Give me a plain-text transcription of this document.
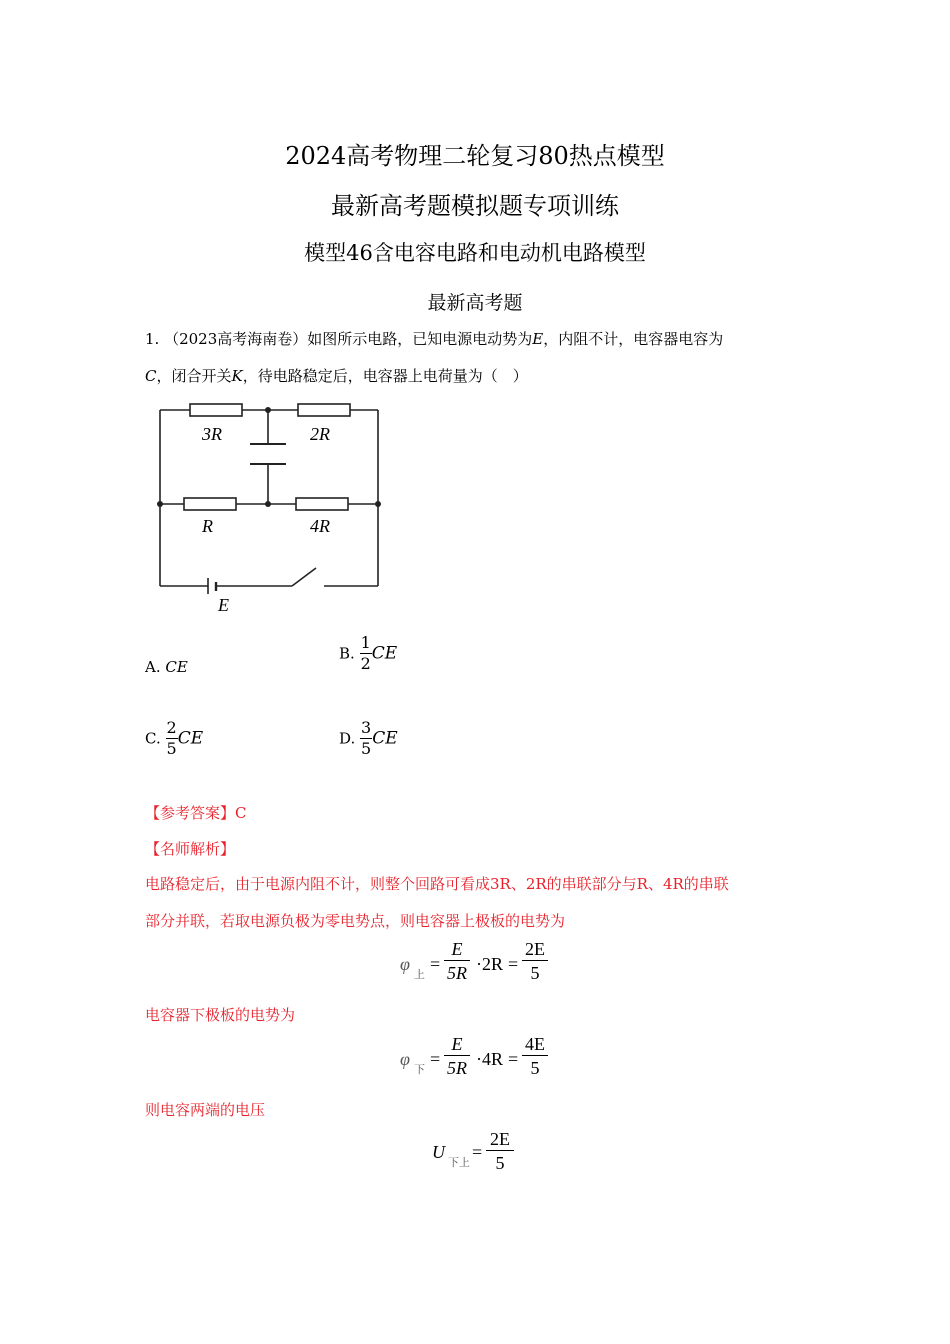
2024高考物理二轮复习80热点模型
最新高考题模拟题专项训练
模型46含电容电路和电动机电路模型
最新高考题
1. （2023高考海南卷）如图所示电路，已知电源电动势为E，内阻不计，电容器电容为
C，闭合开关K，待电路稳定后，电容器上电荷量为（　）
3R	2R
R	4R
E
A. CE
B. $\frac{1}{2}$ CE
C. $\frac{2}{5}$ CE	D. $\frac{3}{5}$ CE
【参考答案】C
【名师解析】
电路稳定后，由于电源内阻不计，则整个回路可看成3R、2R的串联部分与R、4R的串联
部分并联，若取电源负极为零电势点，则电容器上极板的电势为
φ
上
=
E
5R ·2R =
2E
5
电容器下极板的电势为
φ
下
=
E
5R ·4R =
4E
5
则电容两端的电压
U
下上
=
2E
5
